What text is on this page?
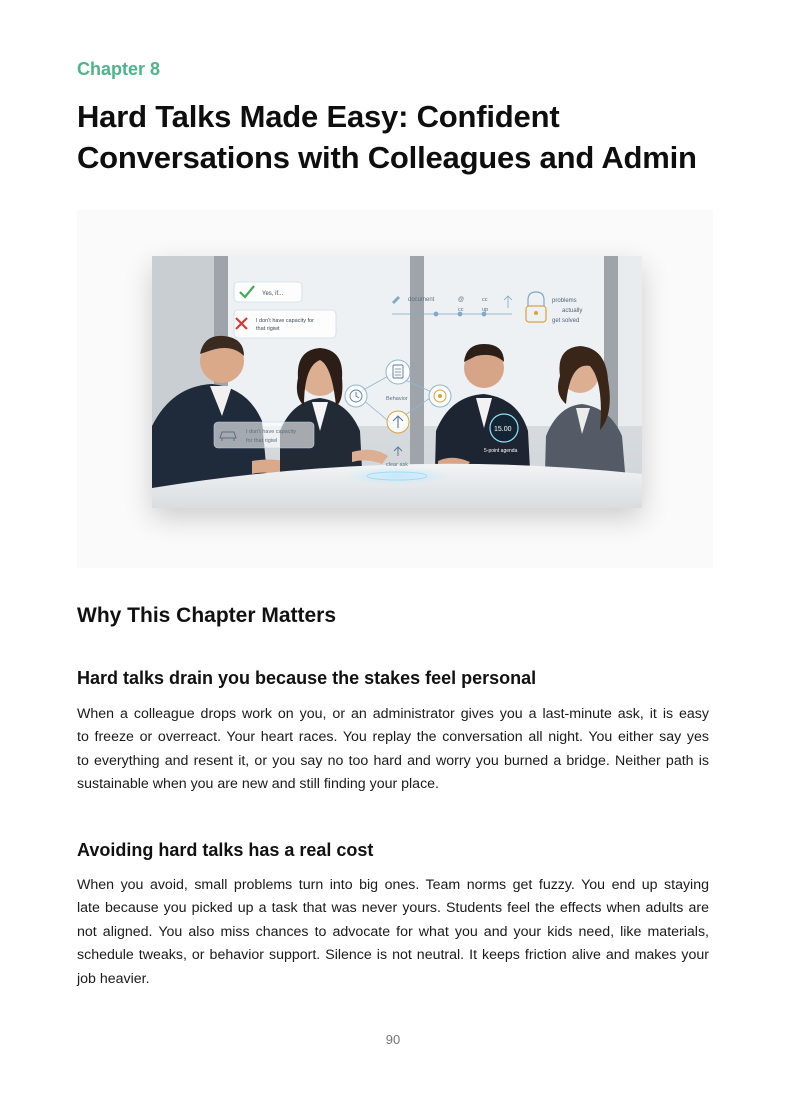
Chapter 8
Hard Talks Made Easy: Confident Conversations with Colleagues and Admin
Yes, if...
I don't have capacity for
that rigiwt
document	@
cc
cc
up
problems
actually
get solved
Behavior
clear ask
I don't have capacity
for that rigiwl
15.00
5-point agenda
Why This Chapter Matters
Hard talks drain you because the stakes feel personal
When a colleague drops work on you, or an administrator gives you a last-minute ask, it is easy
to freeze or overreact. Your heart races. You replay the conversation all night. You either say yes
to everything and resent it, or you say no too hard and worry you burned a bridge. Neither path is
sustainable when you are new and still finding your place.
Avoiding hard talks has a real cost
When you avoid, small problems turn into big ones. Team norms get fuzzy. You end up staying
late because you picked up a task that was never yours. Students feel the effects when adults are
not aligned. You also miss chances to advocate for what you and your kids need, like materials,
schedule tweaks, or behavior support. Silence is not neutral. It keeps friction alive and makes your
job heavier.
90
